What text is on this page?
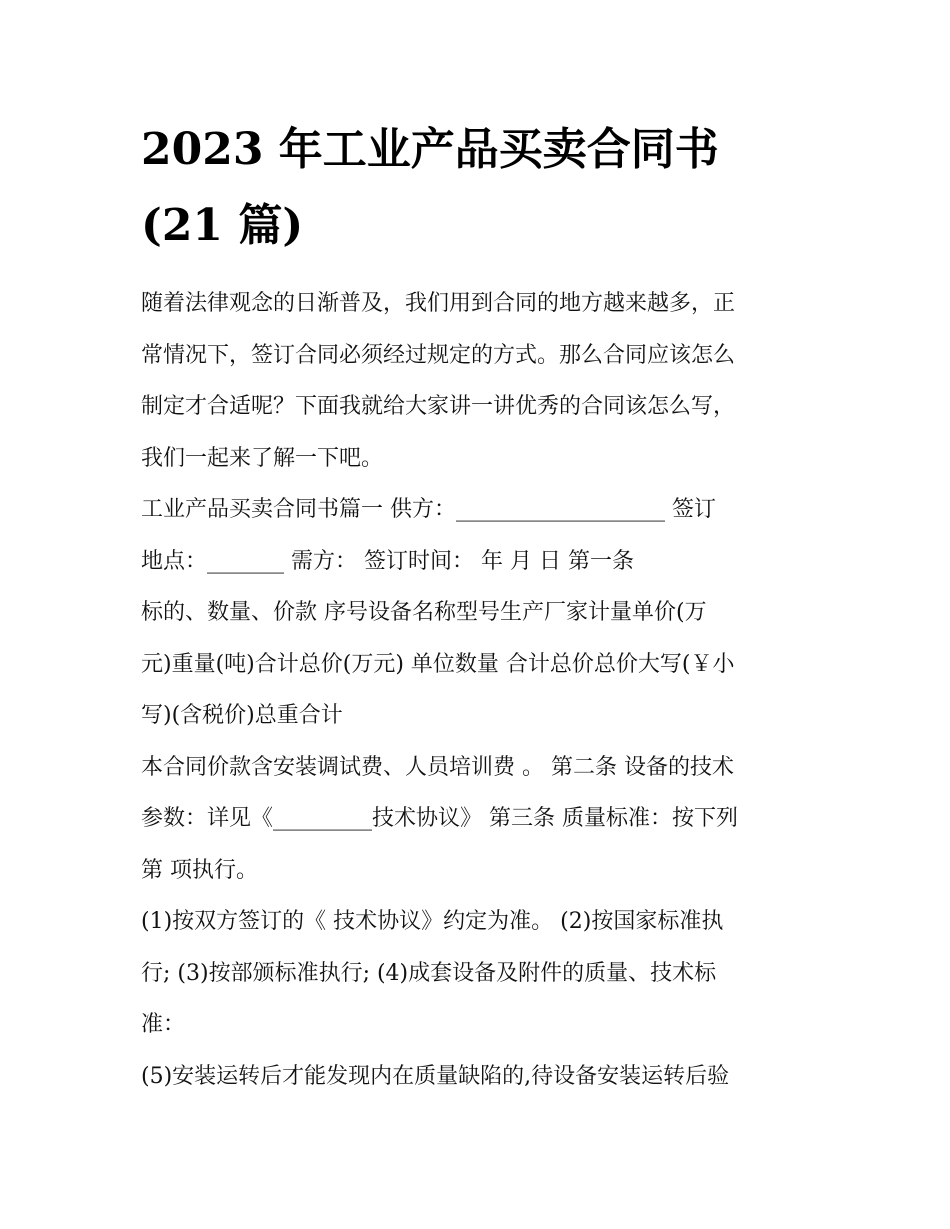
2023 年工业产品买卖合同书
(21 篇)

随着法律观念的日渐普及，我们用到合同的地方越来越多，正
常情况下，签订合同必须经过规定的方式。那么合同应该怎么
制定才合适呢？下面我就给大家讲一讲优秀的合同该怎么写，
我们一起来了解一下吧。

工业产品买卖合同书篇一 供方：___________________ 签订
地点：_______ 需方： 签订时间： 年 月 日 第一条

标的、数量、价款 序号设备名称型号生产厂家计量单价(万
元)重量(吨)合计总价(万元) 单位数量 合计总价总价大写(￥小
写)(含税价)总重合计

本合同价款含安装调试费、人员培训费 。 第二条 设备的技术
参数：详见《_________技术协议》 第三条 质量标准：按下列
第 项执行。

(1)按双方签订的《 技术协议》约定为准。 (2)按国家标准执
行; (3)按部颁标准执行; (4)成套设备及附件的质量、技术标
准：

(5)安装运转后才能发现内在质量缺陷的,待设备安装运转后验
